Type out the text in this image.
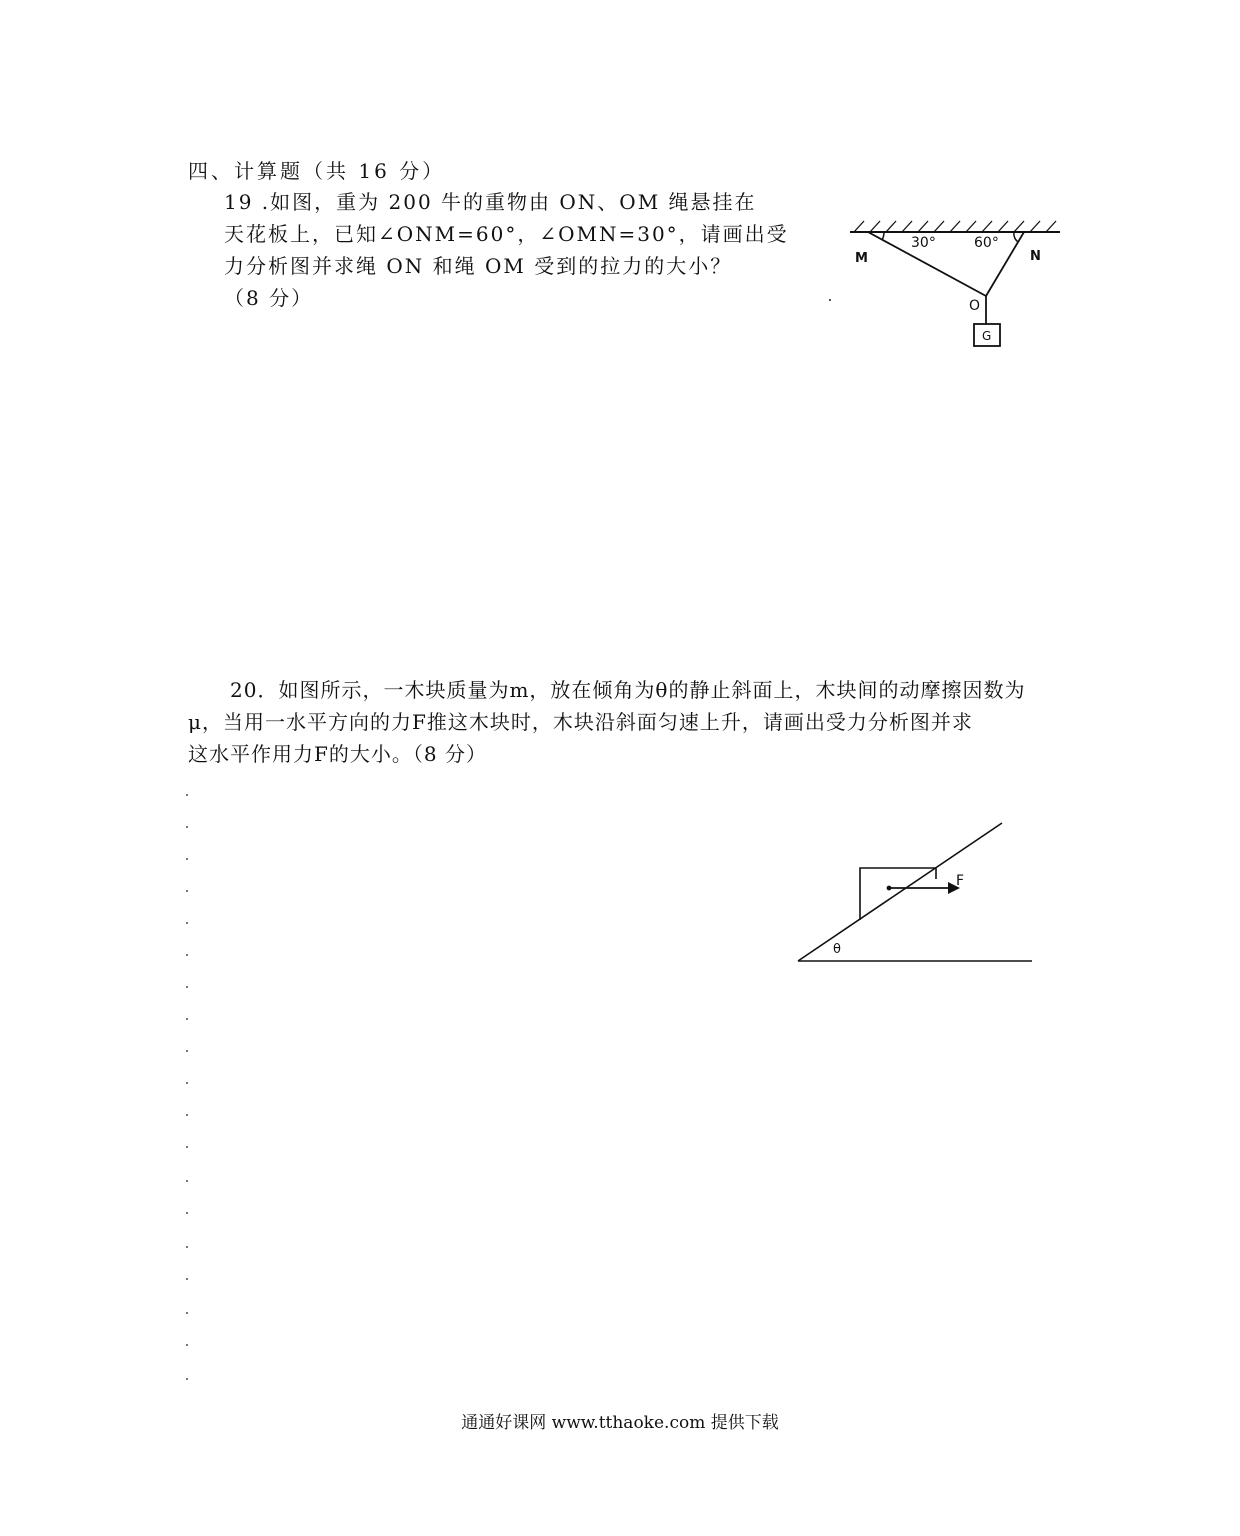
四、计算题（共 16 分）

19 .如图，重为 200 牛的重物由 ON、OM 绳悬挂在

天花板上，已知∠ONM=60°，∠OMN=30°，请画出受

力分析图并求绳 ON 和绳 OM 受到的拉力的大小？

（8 分）

G
M	N
O
30°	60°

20．如图所示，一木块质量为m，放在倾角为θ的静止斜面上，木块间的动摩擦因数为

μ，当用一水平方向的力F推这木块时，木块沿斜面匀速上升，请画出受力分析图并求

这水平作用力F的大小。（8 分）

F
θ
通通好课网 www.tthaoke.com 提供下载
